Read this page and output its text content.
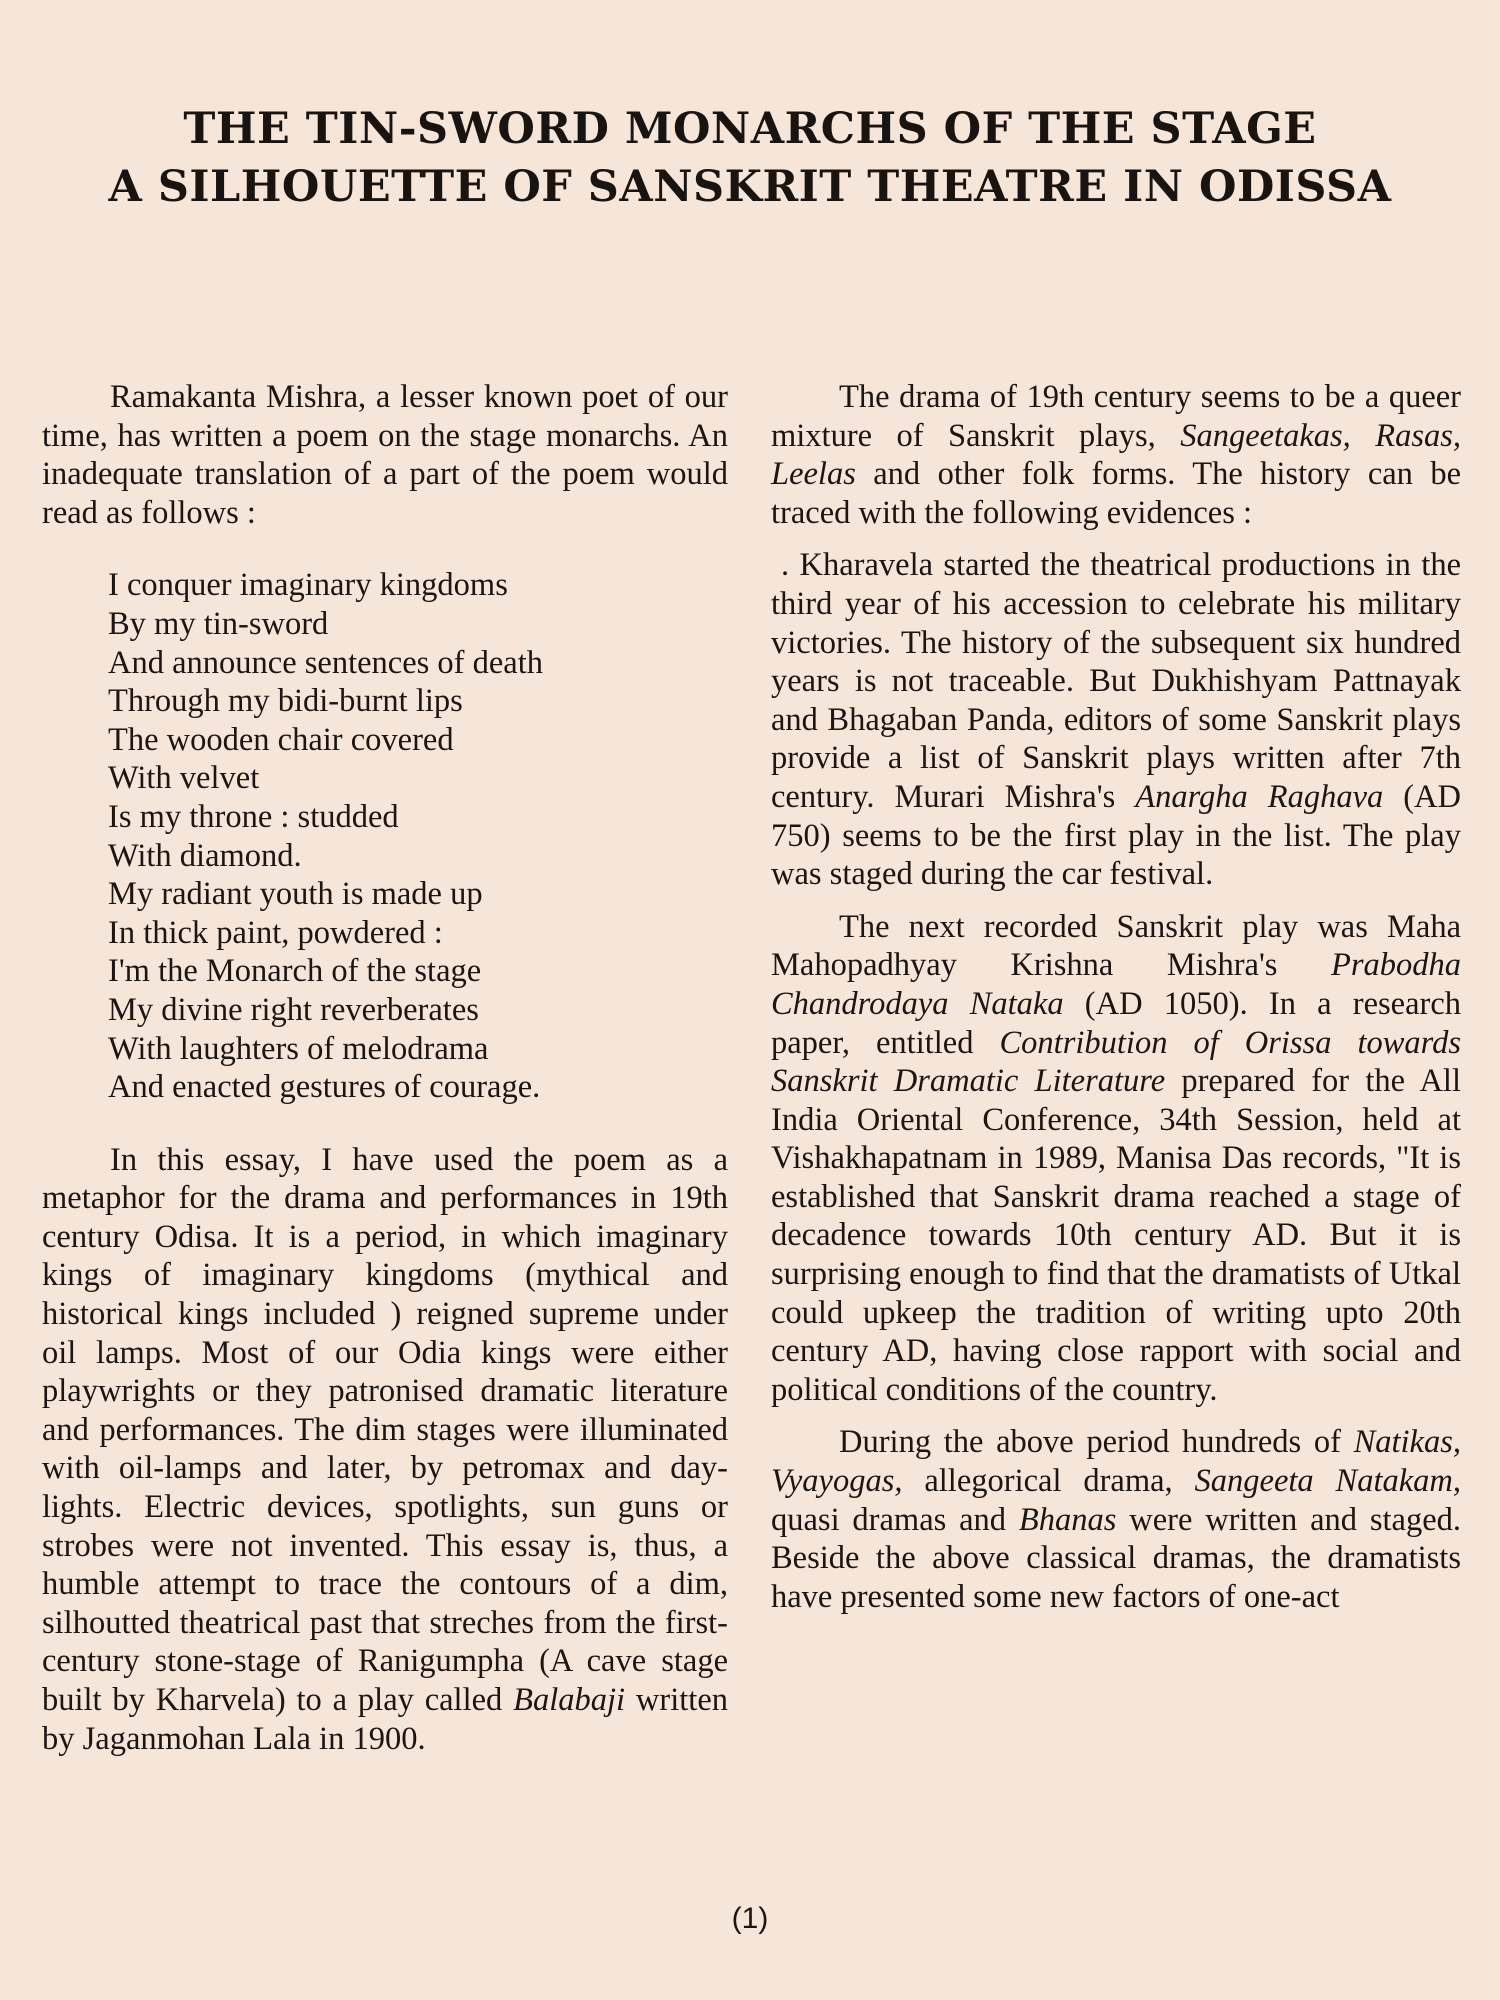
THE TIN-SWORD MONARCHS OF THE STAGE
A SILHOUETTE OF SANSKRIT THEATRE IN ODISSA

Ramakanta Mishra, a lesser known poet of our time, has written a poem on the stage monarchs. An inadequate translation of a part of the poem would read as follows :

I conquer imaginary kingdoms
By my tin-sword
And announce sentences of death
Through my bidi-burnt lips
The wooden chair covered
With velvet
Is my throne : studded
With diamond.
My radiant youth is made up
In thick paint, powdered :
I'm the Monarch of the stage
My divine right reverberates
With laughters of melodrama
And enacted gestures of courage.

In this essay, I have used the poem as a metaphor for the drama and performances in 19th century Odisa. It is a period, in which imaginary kings of imaginary kingdoms (mythical and historical kings included ) reigned supreme under oil lamps. Most of our Odia kings were either playwrights or they patronised dramatic literature and performances. The dim stages were illuminated with oil-lamps and later, by petromax and day-lights. Electric devices, spotlights, sun guns or strobes were not invented. This essay is, thus, a humble attempt to trace the contours of a dim, silhoutted theatrical past that streches from the first-century stone-stage of Ranigumpha (A cave stage built by Kharvela) to a play called Balabaji written by Jaganmohan Lala in 1900.

The drama of 19th century seems to be a queer mixture of Sanskrit plays, Sangeetakas, Rasas, Leelas and other folk forms. The history can be traced with the following evidences :

. Kharavela started the theatrical productions in the third year of his accession to celebrate his military victories. The history of the subsequent six hundred years is not traceable. But Dukhishyam Pattnayak and Bhagaban Panda, editors of some Sanskrit plays provide a list of Sanskrit plays written after 7th century. Murari Mishra's Anargha Raghava (AD 750) seems to be the first play in the list. The play was staged during the car festival.

The next recorded Sanskrit play was Maha Mahopadhyay Krishna Mishra's Prabodha Chandrodaya Nataka (AD 1050). In a research paper, entitled Contribution of Orissa towards Sanskrit Dramatic Literature prepared for the All India Oriental Conference, 34th Session, held at Vishakhapatnam in 1989, Manisa Das records, "It is established that Sanskrit drama reached a stage of decadence towards 10th century AD. But it is surprising enough to find that the dramatists of Utkal could upkeep the tradition of writing upto 20th century AD, having close rapport with social and political conditions of the country.

During the above period hundreds of Natikas, Vyayogas, allegorical drama, Sangeeta Natakam, quasi dramas and Bhanas were written and staged. Beside the above classical dramas, the dramatists have presented some new factors of one-act

(1)
